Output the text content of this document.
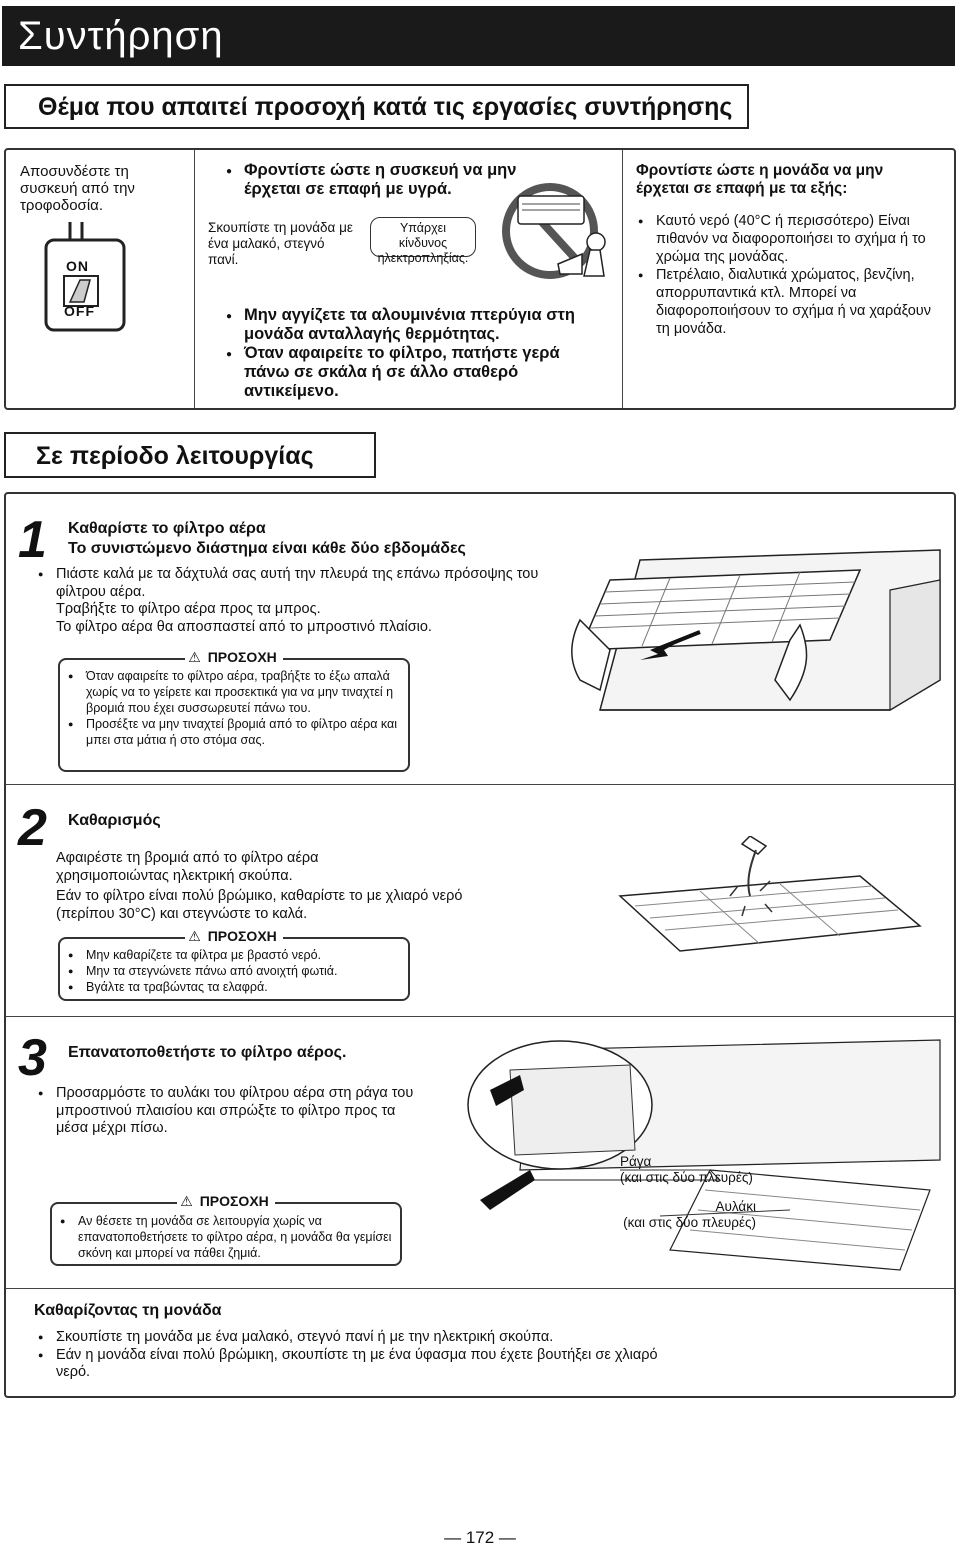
Συντήρηση
Θέμα που απαιτεί προσοχή κατά τις εργασίες συντήρησης
Αποσυνδέστε τη συσκευή από την τροφοδοσία.
ON
OFF
● Φροντίστε ώστε η συσκευή να μην έρχεται σε επαφή με υγρά.
Σκουπίστε τη μονάδα με ένα μαλακό, στεγνό πανί.
Υπάρχει κίνδυνος ηλεκτροπληξίας.
● Μην αγγίζετε τα αλουμινένια πτερύγια στη μονάδα ανταλλαγής θερμότητας.
● Όταν αφαιρείτε το φίλτρο, πατήστε γερά πάνω σε σκάλα ή σε άλλο σταθερό αντικείμενο.
Φροντίστε ώστε η μονάδα να μην έρχεται σε επαφή με τα εξής:
● Καυτό νερό (40°C ή περισσότερο) Είναι πιθανόν να διαφοροποιήσει το σχήμα ή το χρώμα της μονάδας.
● Πετρέλαιο, διαλυτικά χρώματος, βενζίνη, απορρυπαντικά κτλ. Μπορεί να διαφοροποιήσουν το σχήμα ή να χαράξουν τη μονάδα.
Σε περίοδο λειτουργίας
1 Καθαρίστε το φίλτρο αέρα
Το συνιστώμενο διάστημα είναι κάθε δύο εβδομάδες
● Πιάστε καλά με τα δάχτυλά σας αυτή την πλευρά της επάνω πρόσοψης του φίλτρου αέρα.
Τραβήξτε το φίλτρο αέρα προς τα μπρος.
Το φίλτρο αέρα θα αποσπαστεί από το μπροστινό πλαίσιο.
⚠ ΠΡΟΣΟΧΗ
● Όταν αφαιρείτε το φίλτρο αέρα, τραβήξτε το έξω απαλά χωρίς να το γείρετε και προσεκτικά για να μην τιναχτεί η βρομιά που έχει συσσωρευτεί πάνω του.
● Προσέξτε να μην τιναχτεί βρομιά από το φίλτρο αέρα και μπει στα μάτια ή στο στόμα σας.
2 Καθαρισμός
Αφαιρέστε τη βρομιά από το φίλτρο αέρα χρησιμοποιώντας ηλεκτρική σκούπα.
Εάν το φίλτρο είναι πολύ βρώμικο, καθαρίστε το με χλιαρό νερό (περίπου 30°C) και στεγνώστε το καλά.
⚠ ΠΡΟΣΟΧΗ
● Μην καθαρίζετε τα φίλτρα με βραστό νερό.
● Μην τα στεγνώνετε πάνω από ανοιχτή φωτιά.
● Βγάλτε τα τραβώντας τα ελαφρά.
3 Επανατοποθετήστε το φίλτρο αέρος.
● Προσαρμόστε το αυλάκι του φίλτρου αέρα στη ράγα του μπροστινού πλαισίου και σπρώξτε το φίλτρο προς τα μέσα μέχρι πίσω.
⚠ ΠΡΟΣΟΧΗ
● Αν θέσετε τη μονάδα σε λειτουργία χωρίς να επανατοποθετήσετε το φίλτρο αέρα, η μονάδα θα γεμίσει σκόνη και μπορεί να πάθει ζημιά.
Ράγα
(και στις δύο πλευρές)
Αυλάκι
(και στις δύο πλευρές)
Καθαρίζοντας τη μονάδα
● Σκουπίστε τη μονάδα με ένα μαλακό, στεγνό πανί ή με την ηλεκτρική σκούπα.
● Εάν η μονάδα είναι πολύ βρώμικη, σκουπίστε τη με ένα ύφασμα που έχετε βουτήξει σε χλιαρό νερό.
— 172 —
